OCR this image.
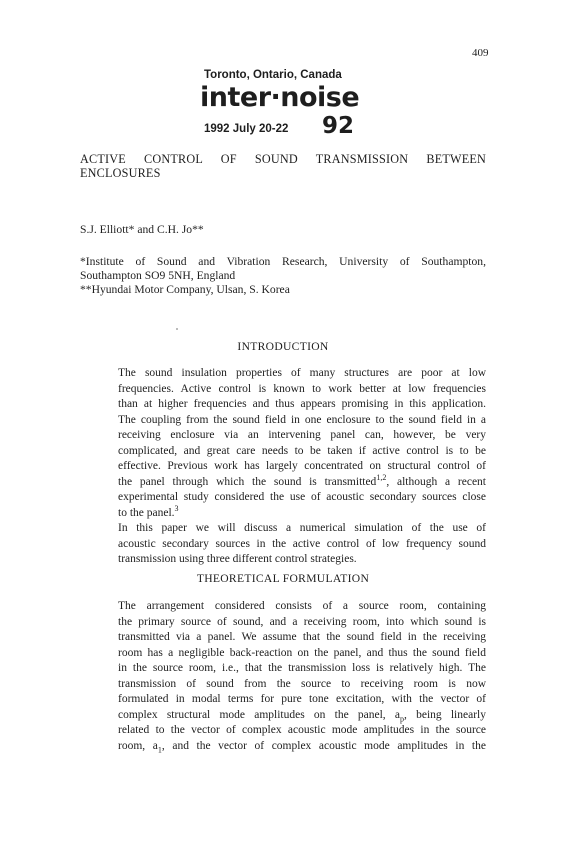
409
Toronto, Ontario, Canada
inter·noise
1992 July 20-22 92
ACTIVE CONTROL OF SOUND TRANSMISSION BETWEEN
ENCLOSURES
S.J. Elliott* and C.H. Jo**
*Institute of Sound and Vibration Research, University of Southampton,
Southampton SO9 5NH, England
**Hyundai Motor Company, Ulsan, S. Korea
INTRODUCTION

The sound insulation properties of many structures are poor at low
frequencies. Active control is known to work better at low frequencies
than at higher frequencies and thus appears promising in this application.
The coupling from the sound field in one enclosure to the sound field in a
receiving enclosure via an intervening panel can, however, be very
complicated, and great care needs to be taken if active control is to be
effective. Previous work has largely concentrated on structural control of
the panel through which the sound is transmitted$^{1,2}$, although a recent
experimental study considered the use of acoustic secondary sources close
to the panel.$^3$

In this paper we will discuss a numerical simulation of the use of
acoustic secondary sources in the active control of low frequency sound
transmission using three different control strategies.

THEORETICAL FORMULATION

The arrangement considered consists of a source room, containing
the primary source of sound, and a receiving room, into which sound is
transmitted via a panel. We assume that the sound field in the receiving
room has a negligible back-reaction on the panel, and thus the sound field
in the source room, i.e., that the transmission loss is relatively high. The
transmission of sound from the source to receiving room is now
formulated in modal terms for pure tone excitation, with the vector of
complex structural mode amplitudes on the panel, $a_p$, being linearly
related to the vector of complex acoustic mode amplitudes in the source
room, $a_1$, and the vector of complex acoustic mode amplitudes in the
